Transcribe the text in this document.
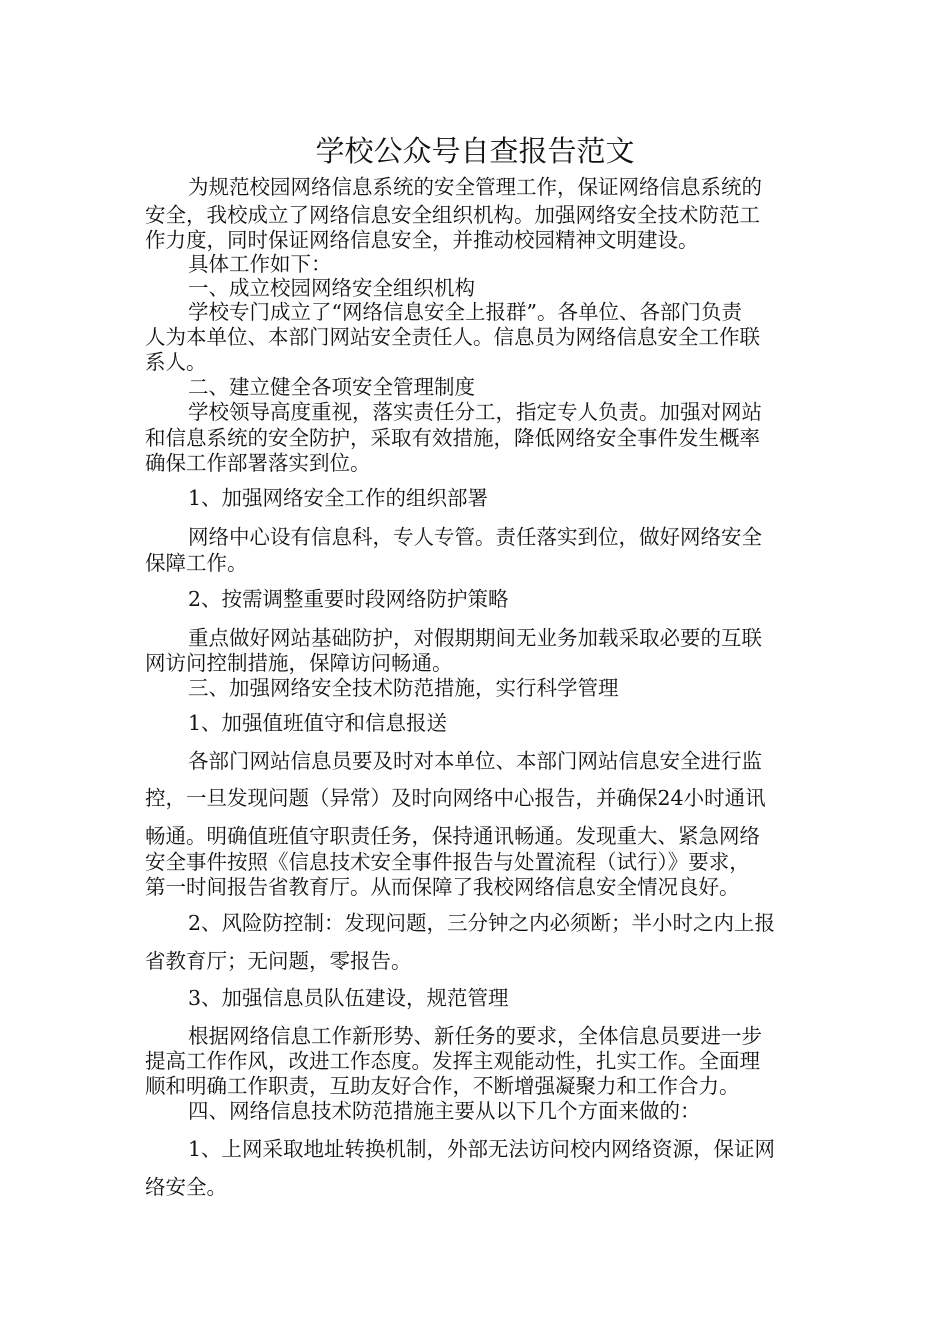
学校公众号自查报告范文
为规范校园网络信息系统的安全管理工作，保证网络信息系统的
安全，我校成立了网络信息安全组织机构。加强网络安全技术防范工
作力度，同时保证网络信息安全，并推动校园精神文明建设。
具体工作如下：
一、成立校园网络安全组织机构
学校专门成立了“网络信息安全上报群”。各单位、各部门负责
人为本单位、本部门网站安全责任人。信息员为网络信息安全工作联
系人。
二、建立健全各项安全管理制度
学校领导高度重视，落实责任分工，指定专人负责。加强对网站
和信息系统的安全防护，采取有效措施，降低网络安全事件发生概率
确保工作部署落实到位。
1、加强网络安全工作的组织部署
网络中心设有信息科，专人专管。责任落实到位，做好网络安全
保障工作。
2、按需调整重要时段网络防护策略
重点做好网站基础防护，对假期期间无业务加载采取必要的互联
网访问控制措施，保障访问畅通。
三、加强网络安全技术防范措施，实行科学管理
1、加强值班值守和信息报送
各部门网站信息员要及时对本单位、本部门网站信息安全进行监
控，一旦发现问题（异常）及时向网络中心报告，并确保24小时通讯
畅通。明确值班值守职责任务，保持通讯畅通。发现重大、紧急网络
安全事件按照《信息技术安全事件报告与处置流程（试行）》要求，
第一时间报告省教育厅。从而保障了我校网络信息安全情况良好。
2、风险防控制：发现问题，三分钟之内必须断；半小时之内上报
省教育厅；无问题，零报告。
3、加强信息员队伍建设，规范管理
根据网络信息工作新形势、新任务的要求，全体信息员要进一步
提高工作作风，改进工作态度。发挥主观能动性，扎实工作。全面理
顺和明确工作职责，互助友好合作，不断增强凝聚力和工作合力。
四、网络信息技术防范措施主要从以下几个方面来做的：
1、上网采取地址转换机制，外部无法访问校内网络资源，保证网
络安全。
